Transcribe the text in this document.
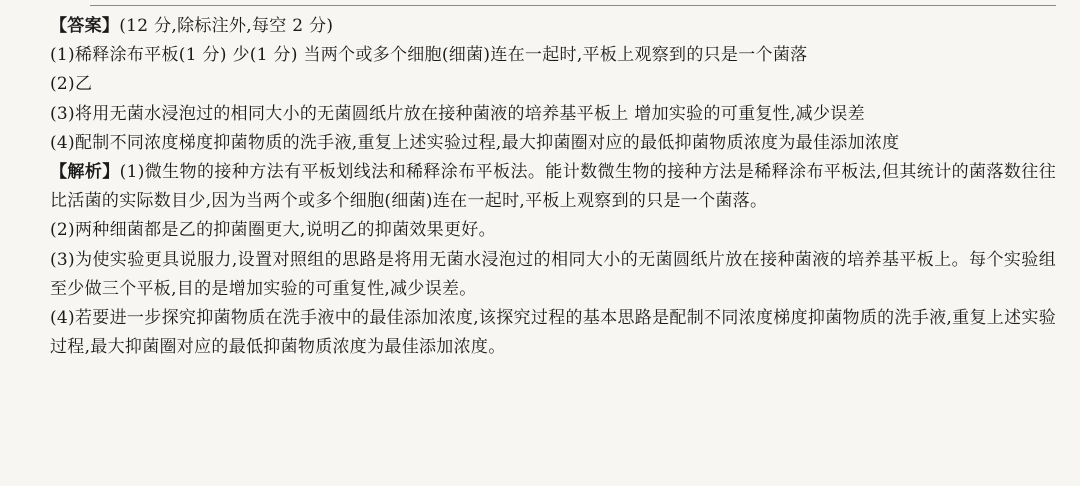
【答案】(12 分,除标注外,每空 2 分)

(1)稀释涂布平板(1 分) 少(1 分) 当两个或多个细胞(细菌)连在一起时,平板上观察到的只是一个菌落

(2)乙

(3)将用无菌水浸泡过的相同大小的无菌圆纸片放在接种菌液的培养基平板上 增加实验的可重复性,减少误差

(4)配制不同浓度梯度抑菌物质的洗手液,重复上述实验过程,最大抑菌圈对应的最低抑菌物质浓度为最佳添加浓度

【解析】(1)微生物的接种方法有平板划线法和稀释涂布平板法。能计数微生物的接种方法是稀释涂布平板法,但其统计的菌落数往往比活菌的实际数目少,因为当两个或多个细胞(细菌)连在一起时,平板上观察到的只是一个菌落。

(2)两种细菌都是乙的抑菌圈更大,说明乙的抑菌效果更好。

(3)为使实验更具说服力,设置对照组的思路是将用无菌水浸泡过的相同大小的无菌圆纸片放在接种菌液的培养基平板上。每个实验组至少做三个平板,目的是增加实验的可重复性,减少误差。

(4)若要进一步探究抑菌物质在洗手液中的最佳添加浓度,该探究过程的基本思路是配制不同浓度梯度抑菌物质的洗手液,重复上述实验过程,最大抑菌圈对应的最低抑菌物质浓度为最佳添加浓度。
